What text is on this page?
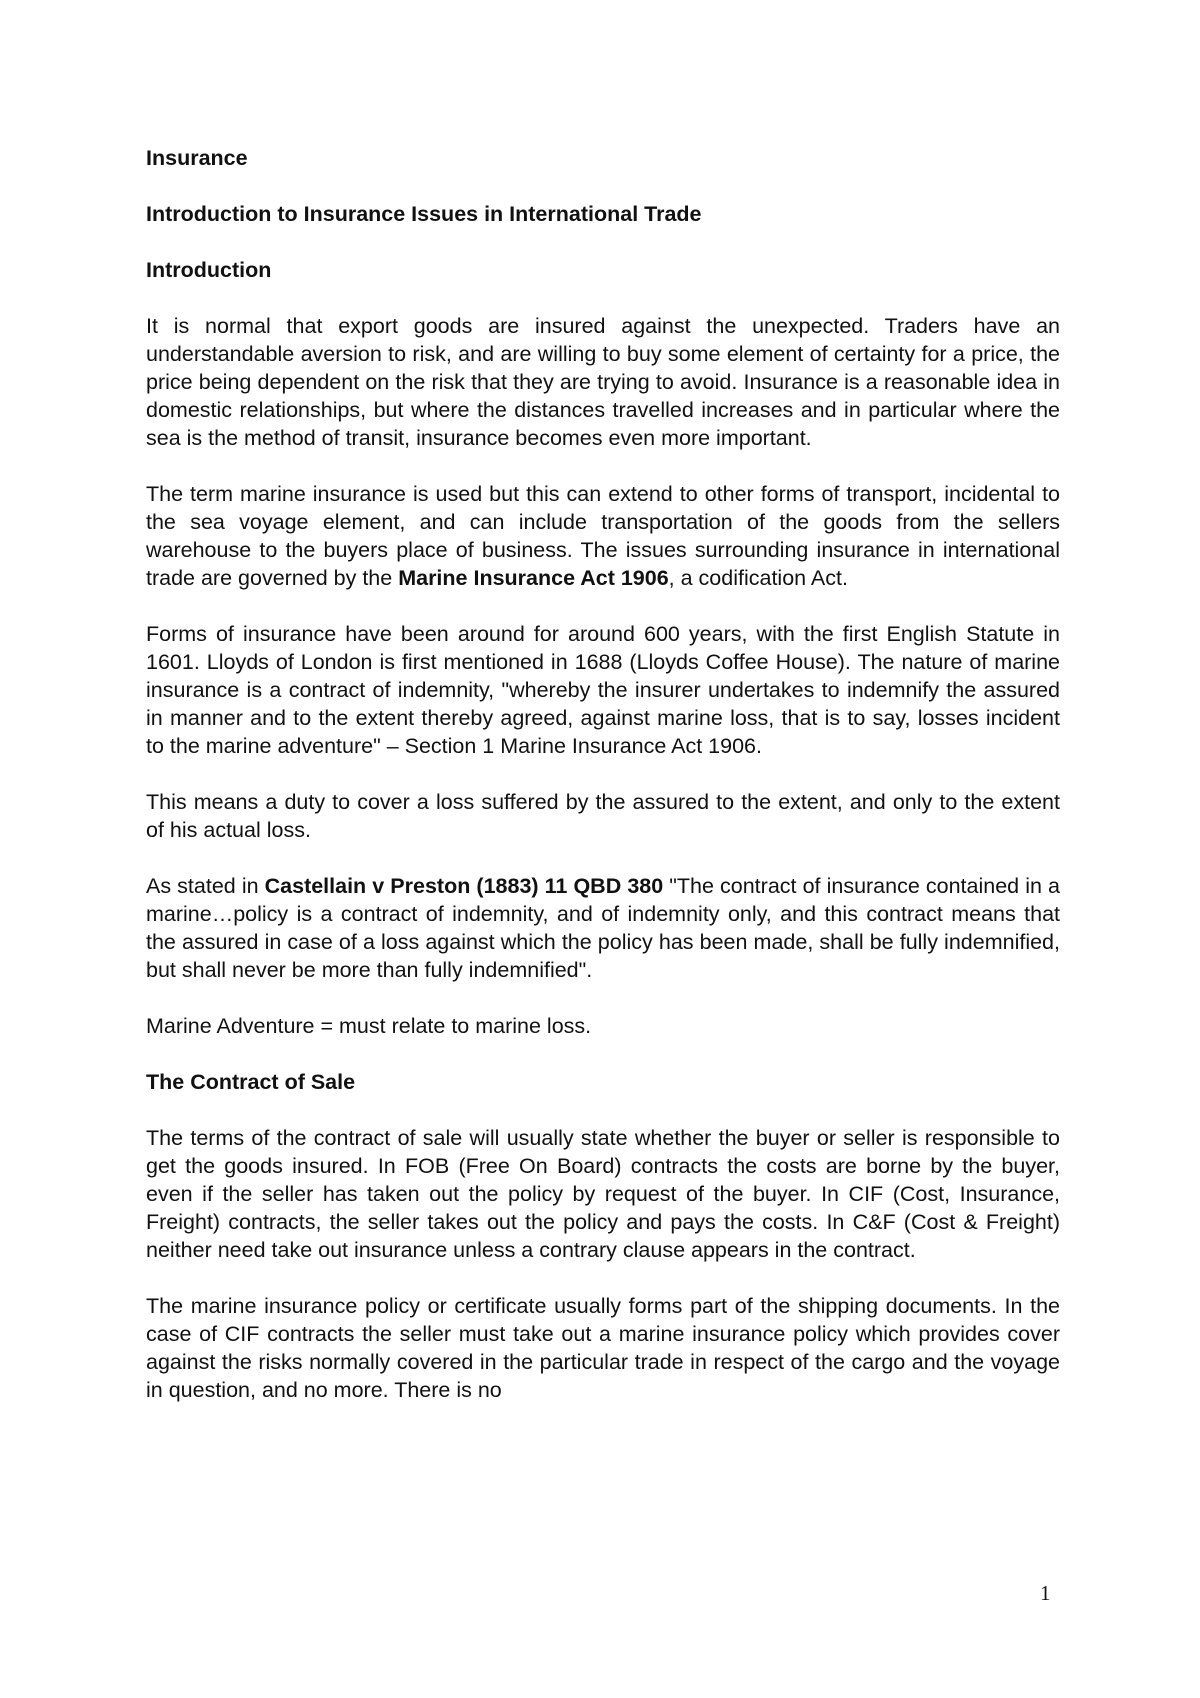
Insurance
Introduction to Insurance Issues in International Trade
Introduction
It is normal that export goods are insured against the unexpected. Traders have an understandable aversion to risk, and are willing to buy some element of certainty for a price, the price being dependent on the risk that they are trying to avoid. Insurance is a reasonable idea in domestic relationships, but where the distances travelled increases and in particular where the sea is the method of transit, insurance becomes even more important.
The term marine insurance is used but this can extend to other forms of transport, incidental to the sea voyage element, and can include transportation of the goods from the sellers warehouse to the buyers place of business. The issues surrounding insurance in international trade are governed by the Marine Insurance Act 1906, a codification Act.
Forms of insurance have been around for around 600 years, with the first English Statute in 1601. Lloyds of London is first mentioned in 1688 (Lloyds Coffee House). The nature of marine insurance is a contract of indemnity, "whereby the insurer undertakes to indemnify the assured in manner and to the extent thereby agreed, against marine loss, that is to say, losses incident to the marine adventure" – Section 1 Marine Insurance Act 1906.
This means a duty to cover a loss suffered by the assured to the extent, and only to the extent of his actual loss.
As stated in Castellain v Preston (1883) 11 QBD 380 "The contract of insurance contained in a marine…policy is a contract of indemnity, and of indemnity only, and this contract means that the assured in case of a loss against which the policy has been made, shall be fully indemnified, but shall never be more than fully indemnified".
Marine Adventure = must relate to marine loss.
The Contract of Sale
The terms of the contract of sale will usually state whether the buyer or seller is responsible to get the goods insured. In FOB (Free On Board) contracts the costs are borne by the buyer, even if the seller has taken out the policy by request of the buyer. In CIF (Cost, Insurance, Freight) contracts, the seller takes out the policy and pays the costs. In C&F (Cost & Freight) neither need take out insurance unless a contrary clause appears in the contract.
The marine insurance policy or certificate usually forms part of the shipping documents. In the case of CIF contracts the seller must take out a marine insurance policy which provides cover against the risks normally covered in the particular trade in respect of the cargo and the voyage in question, and no more. There is no
1
